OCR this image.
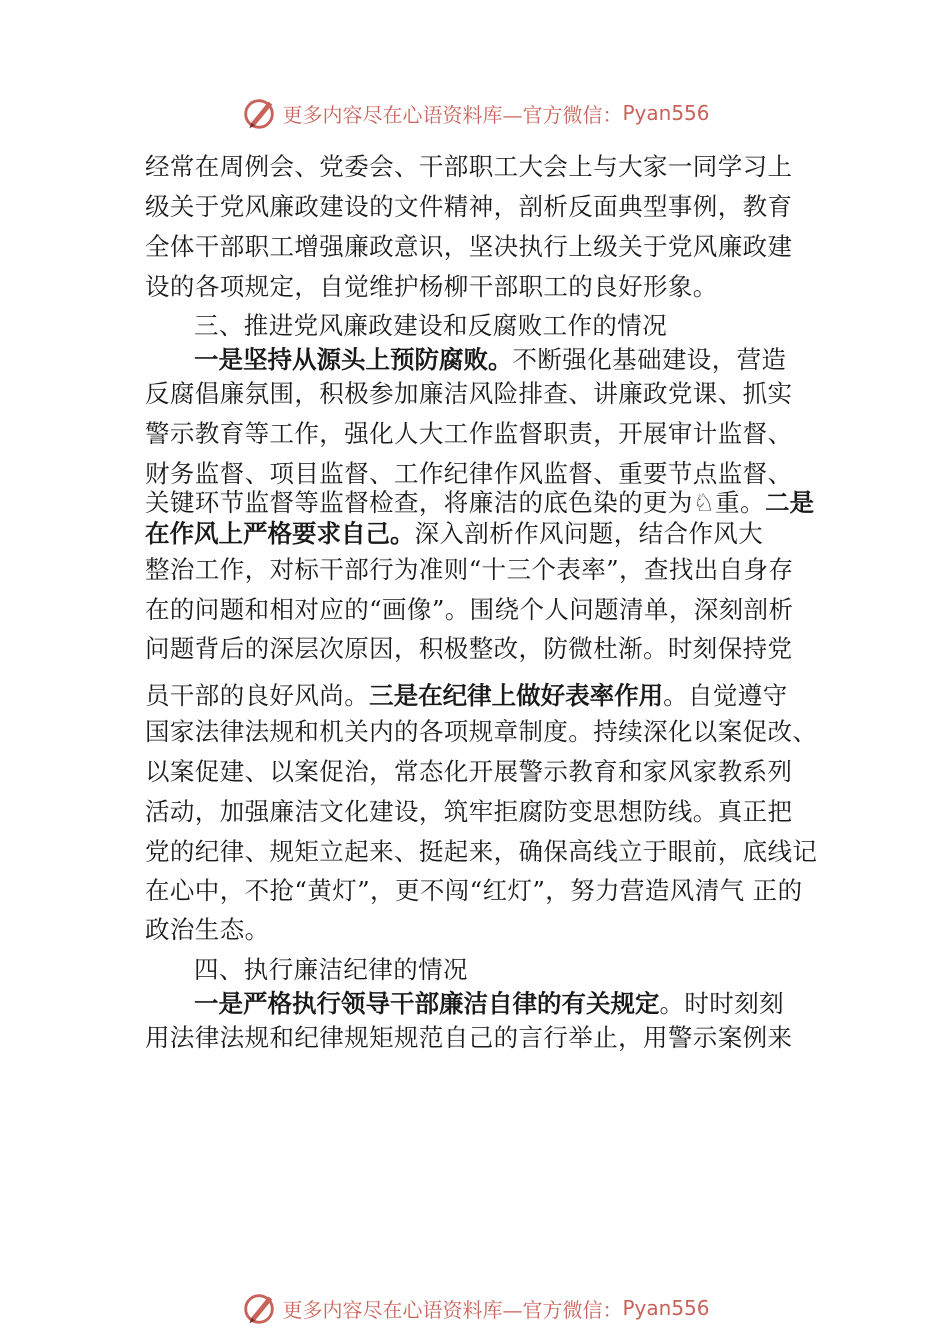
更多内容尽在心语资料库—官方微信： Pyan556
经常在周例会、党委会、干部职工大会上与大家一同学习上
级关于党风廉政建设的文件精神，剖析反面典型事例，教育
全体干部职工增强廉政意识，坚决执行上级关于党风廉政建
设的各项规定，自觉维护杨柳干部职工的良好形象。
三、推进党风廉政建设和反腐败工作的情况
一是坚持从源头上预防腐败。不断强化基础建设，营造
反腐倡廉氛围，积极参加廉洁风险排查、讲廉政党课、抓实
警示教育等工作，强化人大工作监督职责，开展审计监督、
财务监督、项目监督、工作纪律作风监督、重要节点监督、
关键环节监督等监督检查，将廉洁的底色染的更为♘重。二是
在作风上严格要求自己。深入剖析作风问题，结合作风大
整治工作，对标干部行为准则“十三个表率”，查找出自身存
在的问题和相对应的“画像”。围绕个人问题清单，深刻剖析
问题背后的深层次原因，积极整改，防微杜渐。时刻保持党
员干部的良好风尚。三是在纪律上做好表率作用。自觉遵守
国家法律法规和机关内的各项规章制度。持续深化以案促改、
以案促建、以案促治，常态化开展警示教育和家风家教系列
活动，加强廉洁文化建设，筑牢拒腐防变思想防线。真正把
党的纪律、规矩立起来、挺起来，确保高线立于眼前，底线记
在心中，不抢“黄灯”，更不闯“红灯”，努力营造风清气 正的
政治生态。
四、执行廉洁纪律的情况
一是严格执行领导干部廉洁自律的有关规定。时时刻刻
用法律法规和纪律规矩规范自己的言行举止，用警示案例来
更多内容尽在心语资料库—官方微信： Pyan556
